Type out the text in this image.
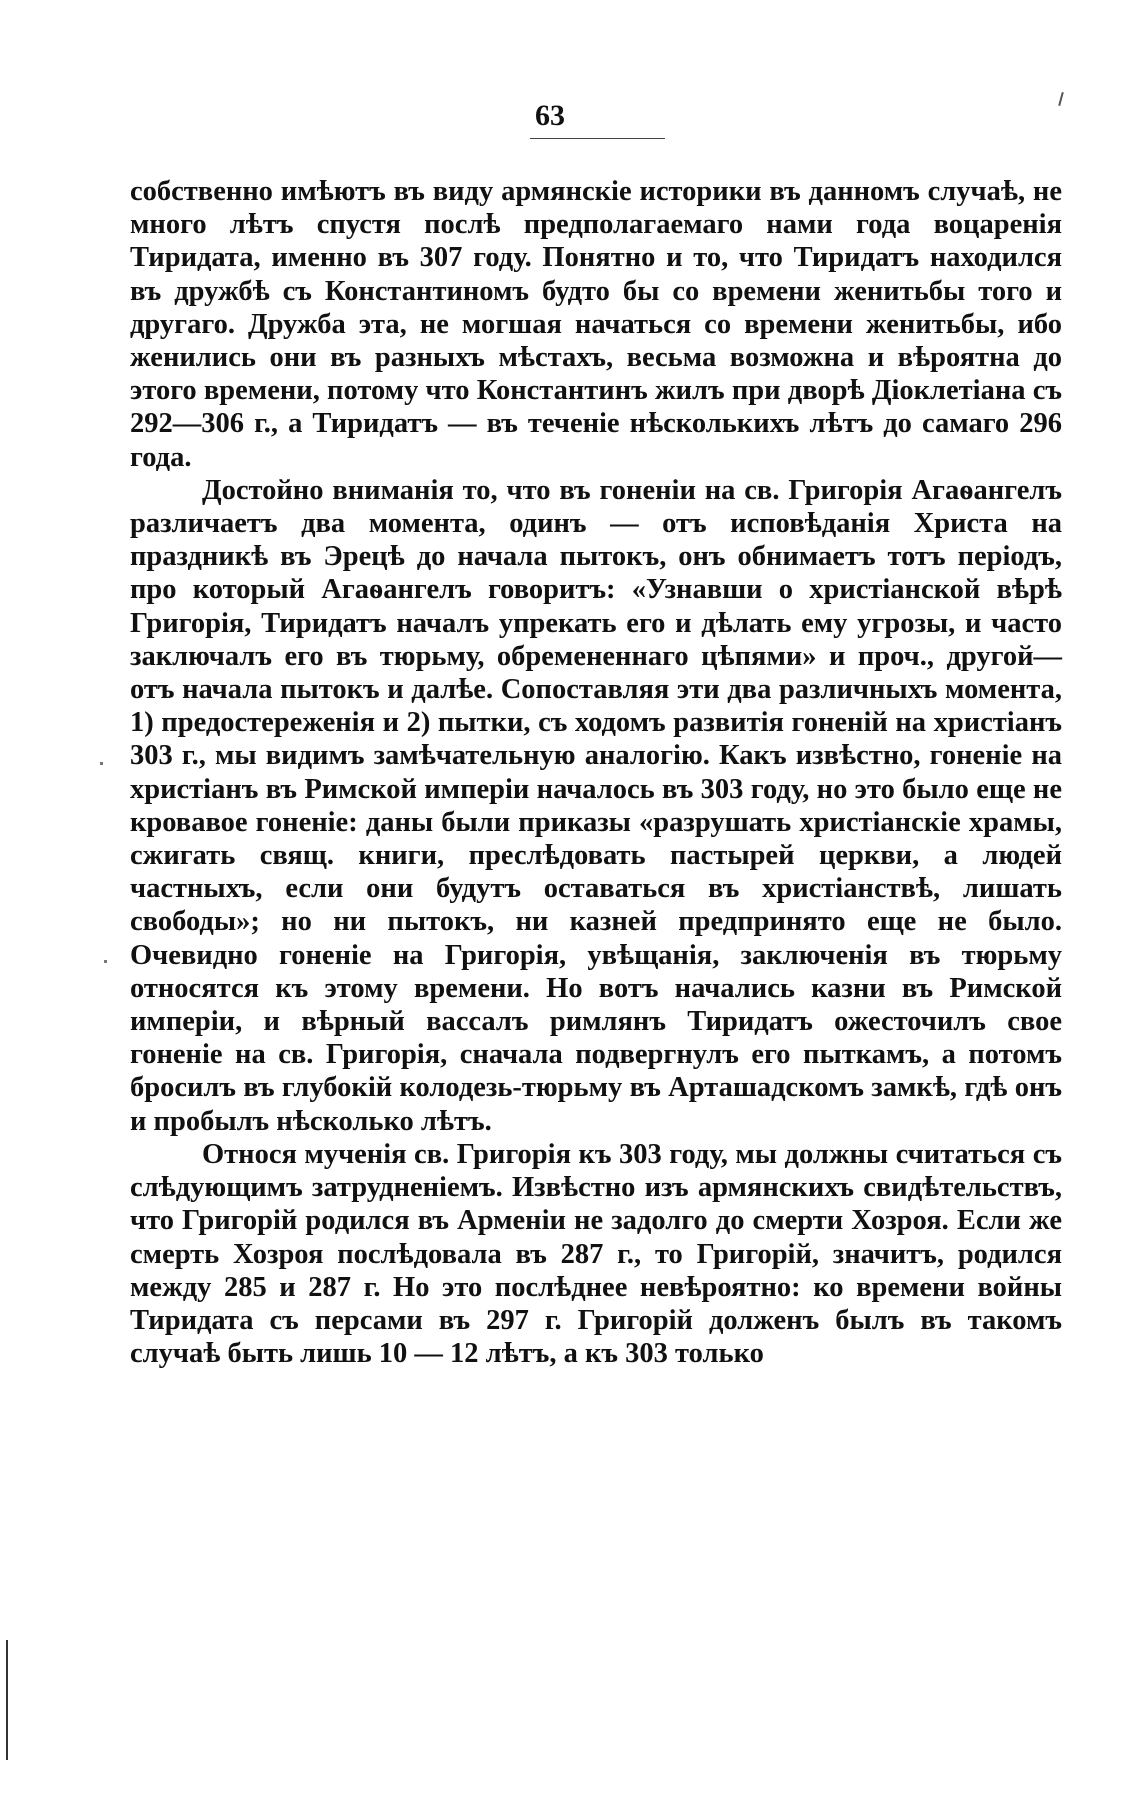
63

собственно имѣютъ въ виду армянскіе историки въ данномъ случаѣ, не много лѣтъ спустя послѣ предполагаемаго нами года воцаренія Тиридата, именно въ 307 году. Понятно и то, что Тиридатъ находился въ дружбѣ съ Константиномъ будто бы со времени женитьбы того и другаго. Дружба эта, не могшая начаться со времени женитьбы, ибо женились они въ разныхъ мѣстахъ, весьма возможна и вѣроятна до этого времени, потому что Константинъ жилъ при дворѣ Діоклетіана съ 292—306 г., а Тиридатъ — въ теченіе нѣсколькихъ лѣтъ до самаго 296 года.

Достойно вниманія то, что въ гоненіи на св. Григорія Агаѳангелъ различаетъ два момента, одинъ — отъ исповѣданія Христа на праздникѣ въ Эрецѣ до начала пытокъ, онъ обнимаетъ тотъ періодъ, про который Агаѳангелъ говоритъ: «Узнавши о христіанской вѣрѣ Григорія, Тиридатъ началъ упрекать его и дѣлать ему угрозы, и часто заключалъ его въ тюрьму, обремененнаго цѣпями» и проч., другой—отъ начала пытокъ и далѣе. Сопоставляя эти два различныхъ момента, 1) предостереженія и 2) пытки, съ ходомъ развитія гоненій на христіанъ 303 г., мы видимъ замѣчательную аналогію. Какъ извѣстно, гоненіе на христіанъ въ Римской имперіи началось въ 303 году, но это было еще не кровавое гоненіе: даны были приказы «разрушать христіанскіе храмы, сжигать свящ. книги, преслѣдовать пастырей церкви, а людей частныхъ, если они будутъ оставаться въ христіанствѣ, лишать свободы»; но ни пытокъ, ни казней предпринято еще не было. Очевидно гоненіе на Григорія, увѣщанія, заключенія въ тюрьму относятся къ этому времени. Но вотъ начались казни въ Римской имперіи, и вѣрный вассалъ римлянъ Тиридатъ ожесточилъ свое гоненіе на св. Григорія, сначала подвергнулъ его пыткамъ, а потомъ бросилъ въ глубокій колодезь-тюрьму въ Арташадскомъ замкѣ, гдѣ онъ и пробылъ нѣсколько лѣтъ.

Относя мученія св. Григорія къ 303 году, мы должны считаться съ слѣдующимъ затрудненіемъ. Извѣстно изъ армянскихъ свидѣтельствъ, что Григорій родился въ Арменіи не задолго до смерти Хозроя. Если же смерть Хозроя послѣдовала въ 287 г., то Григорій, значитъ, родился между 285 и 287 г. Но это послѣднее невѣроятно: ко времени войны Тиридата съ персами въ 297 г. Григорій долженъ былъ въ такомъ случаѣ быть лишь 10 — 12 лѣтъ, а къ 303 только
